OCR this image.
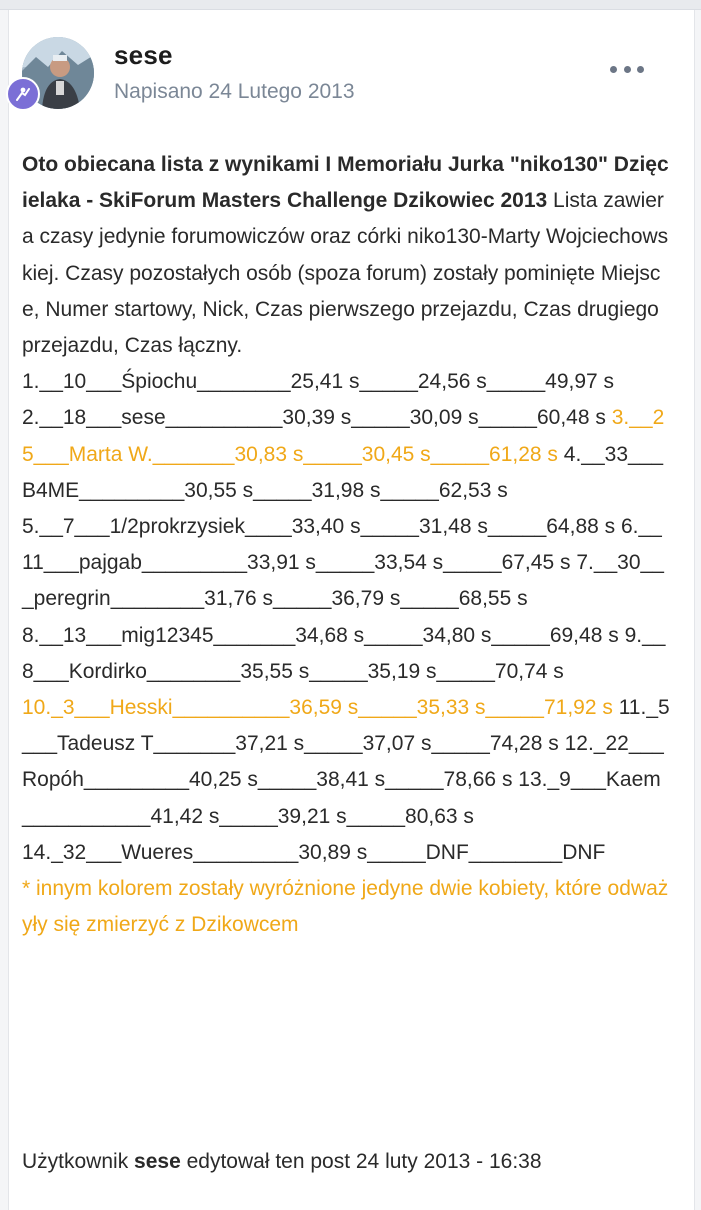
sese
Napisano 24 Lutego 2013
Oto obiecana lista z wynikami I Memoriału Jurka "niko130" Dzięcielaka - SkiForum Masters Challenge Dzikowiec 2013 Lista zawiera czasy jedynie forumowiczów oraz córki niko130-Marty Wojciechowskiej. Czasy pozostałych osób (spoza forum) zostały pominięte Miejsce, Numer startowy, Nick, Czas pierwszego przejazdu, Czas drugiego przejazdu, Czas łączny.
1.__10___Śpiochu________25,41 s_____24,56 s_____49,97 s
2.__18___sese__________30,39 s_____30,09 s_____60,48 s 3.__25___Marta W._______30,83 s_____30,45 s_____61,28 s 4.__33___B4ME_________30,55 s_____31,98 s_____62,53 s
5.__7___1/2prokrzysiek____33,40 s_____31,48 s_____64,88 s 6.__11___pajgab_________33,91 s_____33,54 s_____67,45 s 7.__30___peregrin________31,76 s_____36,79 s_____68,55 s
8.__13___mig12345_______34,68 s_____34,80 s_____69,48 s 9.__8___Kordirko________35,55 s_____35,19 s_____70,74 s
10._3___Hesski__________36,59 s_____35,33 s_____71,92 s 11._5___Tadeusz T_______37,21 s_____37,07 s_____74,28 s 12._22___Ropóh_________40,25 s_____38,41 s_____78,66 s 13._9___Kaem___________41,42 s_____39,21 s_____80,63 s
14._32___Wueres_________30,89 s_____DNF________DNF
* innym kolorem zostały wyróżnione jedyne dwie kobiety, które odważyły się zmierzyć z Dzikowcem
Użytkownik sese edytował ten post 24 luty 2013 - 16:38
